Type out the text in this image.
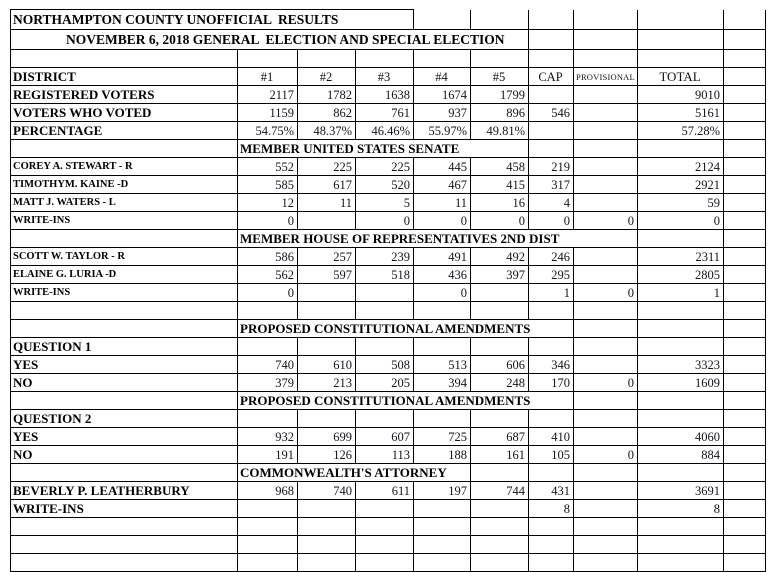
NORTHAMPTON COUNTY UNOFFICIAL  RESULTS									
NOVEMBER 6, 2018 GENERAL  ELECTION AND SPECIAL ELECTION									

DISTRICT	#1	#2	#3	#4	#5	CAP	PROVISIONAL	TOTAL	
REGISTERED VOTERS	2117	1782	1638	1674	1799			9010	
VOTERS WHO VOTED	1159	862	761	937	896	546		5161	
PERCENTAGE	54.75%	48.37%	46.46%	55.97%	49.81%			57.28%	
	MEMBER UNITED STATES SENATE								
COREY A. STEWART - R	552	225	225	445	458	219		2124	
TIMOTHYM. KAINE -D	585	617	520	467	415	317		2921	
MATT J. WATERS - L	12	11	5	11	16	4		59	
WRITE-INS	0		0	0	0	0	0	0	
	MEMBER HOUSE OF REPRESENTATIVES 2ND DIST								
SCOTT W. TAYLOR - R	586	257	239	491	492	246		2311	
ELAINE G. LURIA -D	562	597	518	436	397	295		2805	
WRITE-INS	0			0		1	0	1	

	PROPOSED CONSTITUTIONAL AMENDMENTS								
QUESTION 1									
YES	740	610	508	513	606	346		3323	
NO	379	213	205	394	248	170	0	1609	
	PROPOSED CONSTITUTIONAL AMENDMENTS								
QUESTION 2									
YES	932	699	607	725	687	410		4060	
NO	191	126	113	188	161	105	0	884	
	COMMONWEALTH'S ATTORNEY								
BEVERLY P. LEATHERBURY	968	740	611	197	744	431		3691	
WRITE-INS						8		8	
